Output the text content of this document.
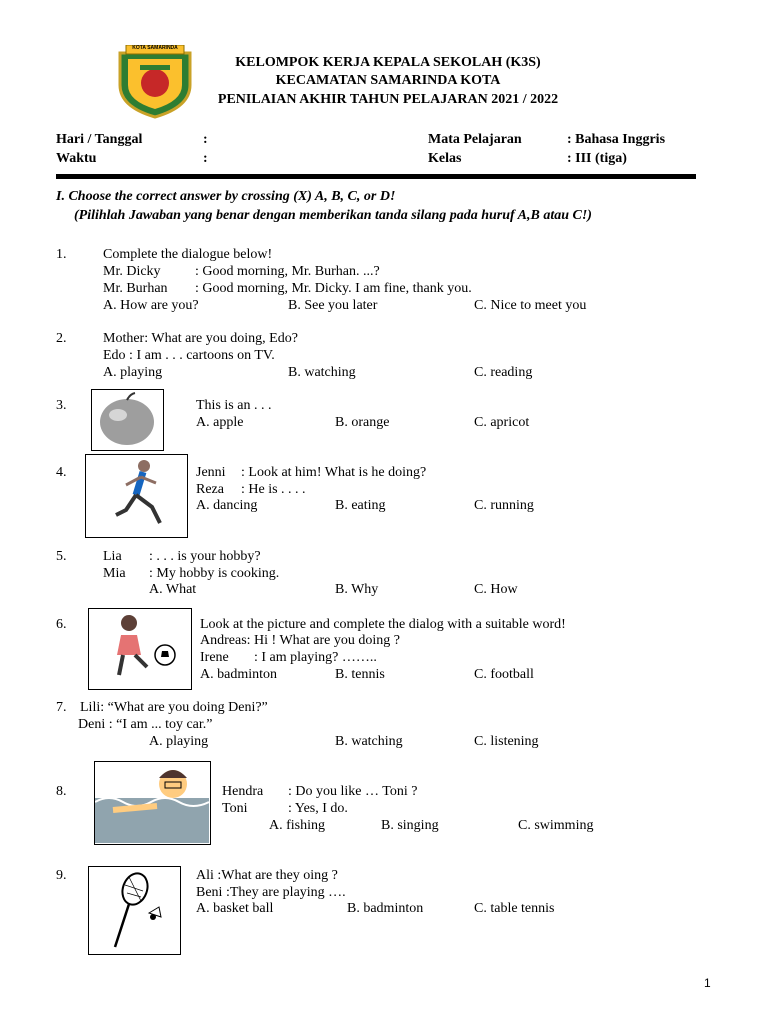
KOTA SAMARINDA
KELOMPOK KERJA KEPALA SEKOLAH (K3S)
KECAMATAN SAMARINDA KOTA
PENILAIAN AKHIR TAHUN PELAJARAN 2021 / 2022
Hari / Tanggal	:
Waktu	:
Mata Pelajaran	: Bahasa Inggris
Kelas	: III (tiga)
I. Choose the correct answer by crossing (X) A, B, C, or D!
(Pilihlah Jawaban yang benar dengan memberikan tanda silang pada huruf A,B atau C!)
1.	Complete the dialogue below!
Mr. Dicky : Good morning, Mr. Burhan. ...?
Mr. Burhan : Good morning, Mr. Dicky. I am fine, thank you.
A. How are you?	B. See you later	C. Nice to meet you
2.	Mother: What are you doing, Edo?
Edo : I am . . . cartoons on TV.
A. playing	B. watching	C. reading
3.	This is an . . .
A. apple	B. orange	C. apricot
4.	Jenni : Look at him! What is he doing?
Reza : He is . . . .
A. dancing	B. eating	C. running
5.	Lia : . . . is your hobby?
Mia : My hobby is cooking.
A. What	B. Why	C. How
6.	Look at the picture and complete the dialog with a suitable word!
Andreas: Hi ! What are you doing ?
Irene : I am playing? ……..
A. badminton	B. tennis	C. football
7. Lili: “What are you doing Deni?”
Deni : “I am ... toy car.”
A. playing	B. watching	C. listening
8.	Hendra : Do you like … Toni ?
Toni	: Yes, I do.
A. fishing	B. singing	C. swimming
9.	Ali :What are they oing ?
Beni :They are playing ….
A. basket ball	B. badminton	C. table tennis
1
